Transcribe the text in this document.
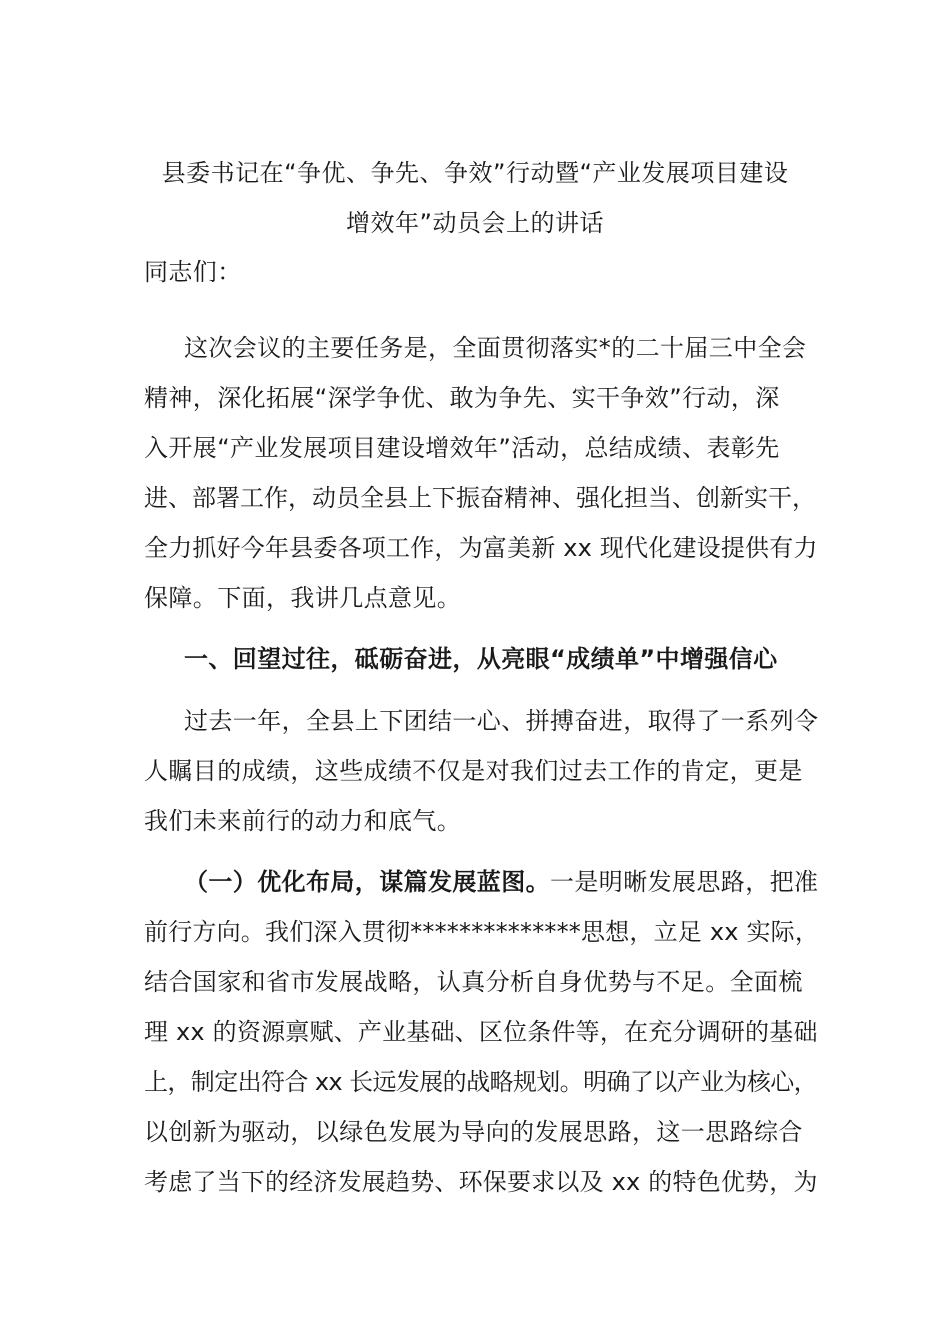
县委书记在“争优、争先、争效”行动暨“产业发展项目建设
增效年”动员会上的讲话
同志们：
这次会议的主要任务是，全面贯彻落实*的二十届三中全会
精神，深化拓展“深学争优、敢为争先、实干争效”行动，深
入开展“产业发展项目建设增效年”活动，总结成绩、表彰先
进、部署工作，动员全县上下振奋精神、强化担当、创新实干，
全力抓好今年县委各项工作，为富美新 xx 现代化建设提供有力
保障。下面，我讲几点意见。
一、回望过往，砥砺奋进，从亮眼“成绩单”中增强信心
过去一年，全县上下团结一心、拼搏奋进，取得了一系列令
人瞩目的成绩，这些成绩不仅是对我们过去工作的肯定，更是
我们未来前行的动力和底气。
（一）优化布局，谋篇发展蓝图。一是明晰发展思路，把准
前行方向。我们深入贯彻**************思想，立足 xx 实际，
结合国家和省市发展战略，认真分析自身优势与不足。全面梳
理 xx 的资源禀赋、产业基础、区位条件等，在充分调研的基础
上，制定出符合 xx 长远发展的战略规划。明确了以产业为核心，
以创新为驱动，以绿色发展为导向的发展思路，这一思路综合
考虑了当下的经济发展趋势、环保要求以及 xx 的特色优势，为
